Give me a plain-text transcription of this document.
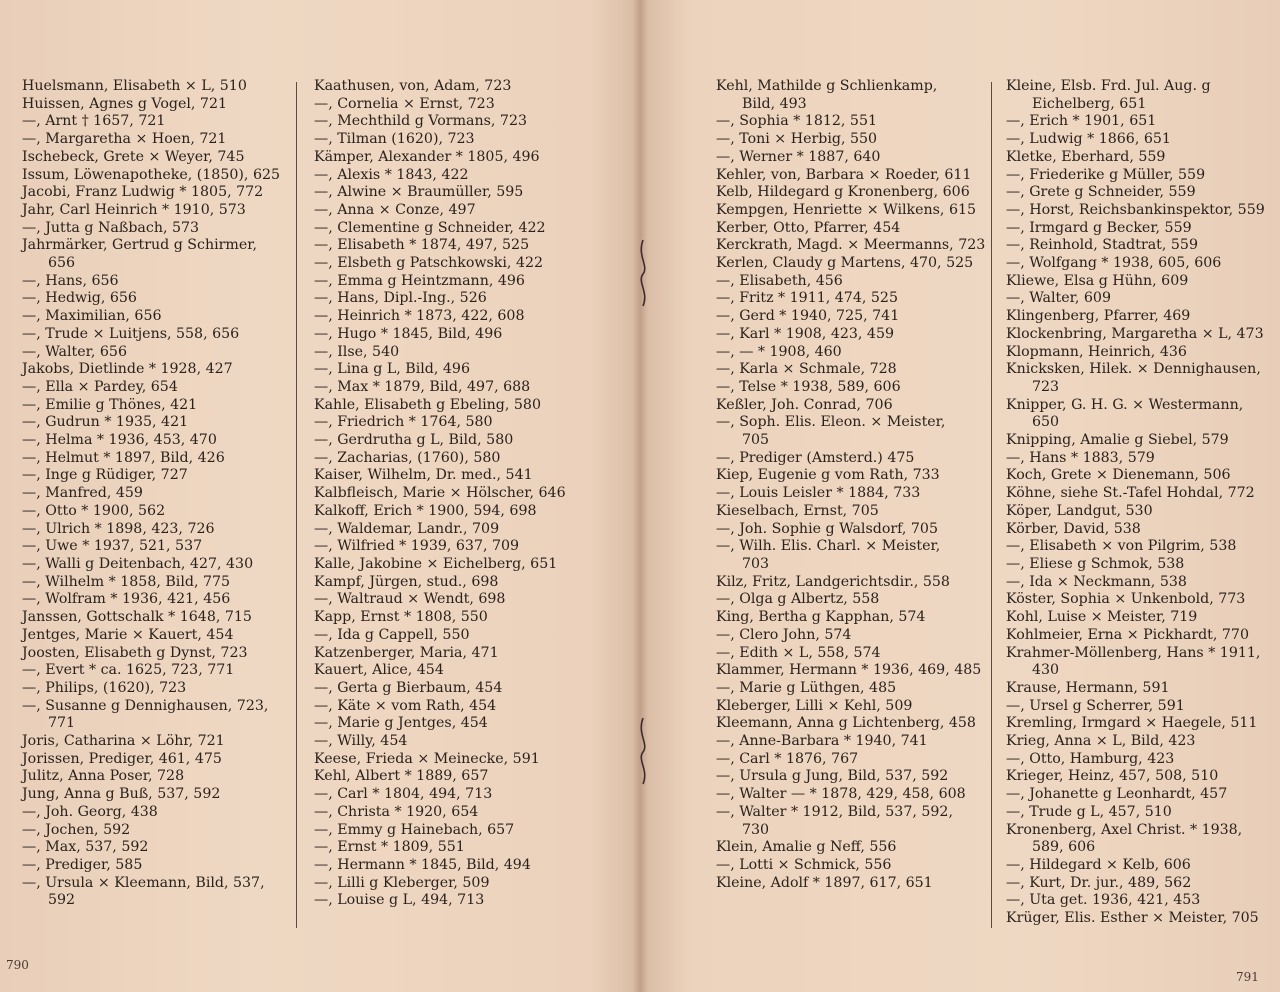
Huelsmann, Elisabeth × L, 510
Huissen, Agnes g Vogel, 721
—, Arnt † 1657, 721
—, Margaretha × Hoen, 721
Ischebeck, Grete × Weyer, 745
Issum, Löwenapotheke, (1850), 625
Jacobi, Franz Ludwig * 1805, 772
Jahr, Carl Heinrich * 1910, 573
—, Jutta g Naßbach, 573
Jahrmärker, Gertrud g Schirmer,
656
—, Hans, 656
—, Hedwig, 656
—, Maximilian, 656
—, Trude × Luitjens, 558, 656
—, Walter, 656
Jakobs, Dietlinde * 1928, 427
—, Ella × Pardey, 654
—, Emilie g Thönes, 421
—, Gudrun * 1935, 421
—, Helma * 1936, 453, 470
—, Helmut * 1897, Bild, 426
—, Inge g Rüdiger, 727
—, Manfred, 459
—, Otto * 1900, 562
—, Ulrich * 1898, 423, 726
—, Uwe * 1937, 521, 537
—, Walli g Deitenbach, 427, 430
—, Wilhelm * 1858, Bild, 775
—, Wolfram * 1936, 421, 456
Janssen, Gottschalk * 1648, 715
Jentges, Marie × Kauert, 454
Joosten, Elisabeth g Dynst, 723
—, Evert * ca. 1625, 723, 771
—, Philips, (1620), 723
—, Susanne g Dennighausen, 723,
771
Joris, Catharina × Löhr, 721
Jorissen, Prediger, 461, 475
Julitz, Anna Poser, 728
Jung, Anna g Buß, 537, 592
—, Joh. Georg, 438
—, Jochen, 592
—, Max, 537, 592
—, Prediger, 585
—, Ursula × Kleemann, Bild, 537,
592
Kaathusen, von, Adam, 723
—, Cornelia × Ernst, 723
—, Mechthild g Vormans, 723
—, Tilman (1620), 723
Kämper, Alexander * 1805, 496
—, Alexis * 1843, 422
—, Alwine × Braumüller, 595
—, Anna × Conze, 497
—, Clementine g Schneider, 422
—, Elisabeth * 1874, 497, 525
—, Elsbeth g Patschkowski, 422
—, Emma g Heintzmann, 496
—, Hans, Dipl.-Ing., 526
—, Heinrich * 1873, 422, 608
—, Hugo * 1845, Bild, 496
—, Ilse, 540
—, Lina g L, Bild, 496
—, Max * 1879, Bild, 497, 688
Kahle, Elisabeth g Ebeling, 580
—, Friedrich * 1764, 580
—, Gerdrutha g L, Bild, 580
—, Zacharias, (1760), 580
Kaiser, Wilhelm, Dr. med., 541
Kalbfleisch, Marie × Hölscher, 646
Kalkoff, Erich * 1900, 594, 698
—, Waldemar, Landr., 709
—, Wilfried * 1939, 637, 709
Kalle, Jakobine × Eichelberg, 651
Kampf, Jürgen, stud., 698
—, Waltraud × Wendt, 698
Kapp, Ernst * 1808, 550
—, Ida g Cappell, 550
Katzenberger, Maria, 471
Kauert, Alice, 454
—, Gerta g Bierbaum, 454
—, Käte × vom Rath, 454
—, Marie g Jentges, 454
—, Willy, 454
Keese, Frieda × Meinecke, 591
Kehl, Albert * 1889, 657
—, Carl * 1804, 494, 713
—, Christa * 1920, 654
—, Emmy g Hainebach, 657
—, Ernst * 1809, 551
—, Hermann * 1845, Bild, 494
—, Lilli g Kleberger, 509
—, Louise g L, 494, 713
Kehl, Mathilde g Schlienkamp,
Bild, 493
—, Sophia * 1812, 551
—, Toni × Herbig, 550
—, Werner * 1887, 640
Kehler, von, Barbara × Roeder, 611
Kelb, Hildegard g Kronenberg, 606
Kempgen, Henriette × Wilkens, 615
Kerber, Otto, Pfarrer, 454
Kerckrath, Magd. × Meermanns, 723
Kerlen, Claudy g Martens, 470, 525
—, Elisabeth, 456
—, Fritz * 1911, 474, 525
—, Gerd * 1940, 725, 741
—, Karl * 1908, 423, 459
—, — * 1908, 460
—, Karla × Schmale, 728
—, Telse * 1938, 589, 606
Keßler, Joh. Conrad, 706
—, Soph. Elis. Eleon. × Meister,
705
—, Prediger (Amsterd.) 475
Kiep, Eugenie g vom Rath, 733
—, Louis Leisler * 1884, 733
Kieselbach, Ernst, 705
—, Joh. Sophie g Walsdorf, 705
—, Wilh. Elis. Charl. × Meister,
703
Kilz, Fritz, Landgerichtsdir., 558
—, Olga g Albertz, 558
King, Bertha g Kapphan, 574
—, Clero John, 574
—, Edith × L, 558, 574
Klammer, Hermann * 1936, 469, 485
—, Marie g Lüthgen, 485
Kleberger, Lilli × Kehl, 509
Kleemann, Anna g Lichtenberg, 458
—, Anne-Barbara * 1940, 741
—, Carl * 1876, 767
—, Ursula g Jung, Bild, 537, 592
—, Walter — * 1878, 429, 458, 608
—, Walter * 1912, Bild, 537, 592,
730
Klein, Amalie g Neff, 556
—, Lotti × Schmick, 556
Kleine, Adolf * 1897, 617, 651
Kleine, Elsb. Frd. Jul. Aug. g
Eichelberg, 651
—, Erich * 1901, 651
—, Ludwig * 1866, 651
Kletke, Eberhard, 559
—, Friederike g Müller, 559
—, Grete g Schneider, 559
—, Horst, Reichsbankinspektor, 559
—, Irmgard g Becker, 559
—, Reinhold, Stadtrat, 559
—, Wolfgang * 1938, 605, 606
Kliewe, Elsa g Hühn, 609
—, Walter, 609
Klingenberg, Pfarrer, 469
Klockenbring, Margaretha × L, 473
Klopmann, Heinrich, 436
Knicksken, Hilek. × Dennighausen,
723
Knipper, G. H. G. × Westermann,
650
Knipping, Amalie g Siebel, 579
—, Hans * 1883, 579
Koch, Grete × Dienemann, 506
Köhne, siehe St.-Tafel Hohdal, 772
Köper, Landgut, 530
Körber, David, 538
—, Elisabeth × von Pilgrim, 538
—, Eliese g Schmok, 538
—, Ida × Neckmann, 538
Köster, Sophia × Unkenbold, 773
Kohl, Luise × Meister, 719
Kohlmeier, Erna × Pickhardt, 770
Krahmer-Möllenberg, Hans * 1911,
430
Krause, Hermann, 591
—, Ursel g Scherrer, 591
Kremling, Irmgard × Haegele, 511
Krieg, Anna × L, Bild, 423
—, Otto, Hamburg, 423
Krieger, Heinz, 457, 508, 510
—, Johanette g Leonhardt, 457
—, Trude g L, 457, 510
Kronenberg, Axel Christ. * 1938,
589, 606
—, Hildegard × Kelb, 606
—, Kurt, Dr. jur., 489, 562
—, Uta get. 1936, 421, 453
Krüger, Elis. Esther × Meister, 705
790
791
